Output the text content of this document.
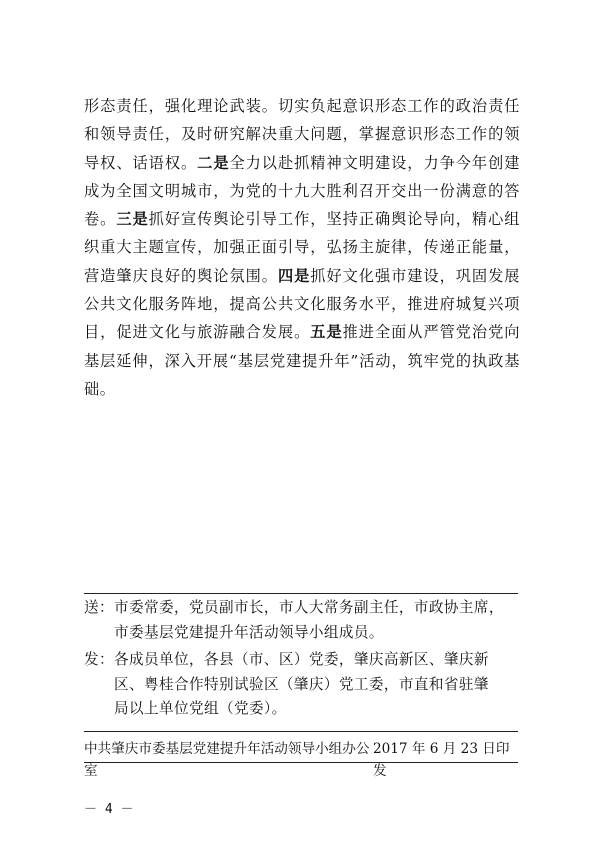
形态责任，强化理论武装。切实负起意识形态工作的政治责任和领导责任，及时研究解决重大问题，掌握意识形态工作的领导权、话语权。二是全力以赴抓精神文明建设，力争今年创建成为全国文明城市，为党的十九大胜利召开交出一份满意的答卷。三是抓好宣传舆论引导工作，坚持正确舆论导向，精心组织重大主题宣传，加强正面引导，弘扬主旋律，传递正能量，营造肇庆良好的舆论氛围。四是抓好文化强市建设，巩固发展公共文化服务阵地，提高公共文化服务水平，推进府城复兴项目，促进文化与旅游融合发展。五是推进全面从严管党治党向基层延伸，深入开展“基层党建提升年”活动，筑牢党的执政基础。

送：市委常委，党员副市长，市人大常务副主任，市政协主席，
市委基层党建提升年活动领导小组成员。

发：各成员单位，各县（市、区）党委，肇庆高新区、肇庆新
区、粤桂合作特别试验区（肇庆）党工委，市直和省驻肇
局以上单位党组（党委）。

中共肇庆市委基层党建提升年活动领导小组办公室
2017 年 6 月 23 日印发
－ 4 －
